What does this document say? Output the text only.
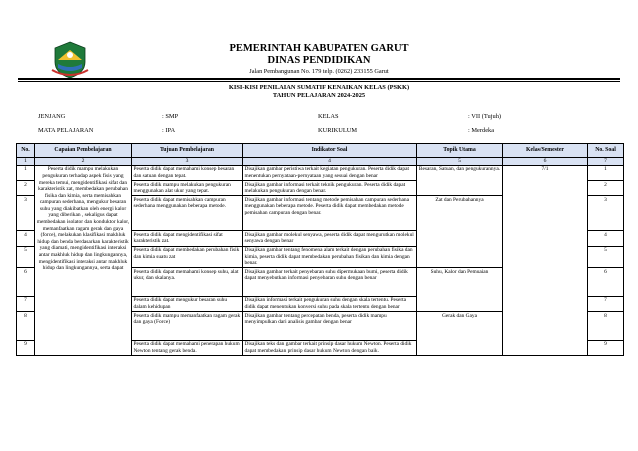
PEMERINTAH KABUPATEN GARUT
DINAS PENDIDIKAN
Jalan Pembangunan No. 179 telp. (0262) 233155 Garut
KISI-KISI PENILAIAN SUMATIF KENAIKAN KELAS (PSKK)
TAHUN PELAJARAN 2024-2025
JENJANG	: SMP
MATA PELAJARAN	: IPA
KELAS	: VII (Tujuh)
KURIKULUM	: Merdeka
No.	Capaian Pembelajaran	Tujuan Pembelajaran	Indikator Soal	Topik Utama	Kelas/Semester	No. Soal
1	2	3	4	5	6	7
1	Peserta didik mampu melakukan pengukuran terhadap aspek fisis yang mereka temui, mengidentifikasi sifat dan karakteristik zat, membedakan perubahan fisika dan kimia, serta memisahkan campuran sederhana, mengukur besaran suhu yang diakibatkan oleh energi kalor yang diberikan , sekaligus dapat membedakan isolator dan konduktor kalor, memanfaatkan ragam gerak dan gaya (force), melakukan klasifikasi makhluk hidup dan benda berdasarkan karakteristik yang diamati, mengidentifikasi interaksi antar makhluk hidup dan lingkungannya, mengidentifikasi interaksi antar makhluk hidup dan lingkungannya, serta dapat	Peserta didik dapat memahami konsep besaran dan satuan dengan tepat.	Disajikan gambar peristiwa terkait kegiatan pengukuran. Peserta didik dapat menentukan pernyataan-pernyataan yang sesuai dengan benar	Besaran, Satuan, dan pengukurannya.	7/1	1
2		Peserta didik mampu melakukan pengukuran menggunakan alat ukur yang tepat.	Disajikan gambar informasi terkait teknik pengukuran. Peserta didik dapat melakukan pengukuran dengan benar.			2
3		Peserta didik dapat memisahkan campuran sederhana menggunakan beberapa metode.	Disajikan gambar informasi tentang metode pemisahan campuran sederhana menggunakan beberapa metode. Peserta didik dapat membedakan metode pemisahan campuran dengan benar.	Zat dan Perubahannya		3
4		Peserta didik dapat mengidentifikasi sifat karakteristik zat.	Disajikan gambar molekul senyawa, peserta didik dapat mengurutkan molekul senyawa dengan benar			4
5		Peserta didik dapat membedakan perubahan fisik dan kimia suatu zat	Disajikan gambar tentang fenomena alam terkait dengan perubahan fisika dan kimia, peserta didik dapat membedakan perubahan fisikan dan kimia dengan benar.			5
6		Peserta didik dapat memahami konsep suhu, alat ukur, dan skalanya.	Disajikan gambar terkait penyebaran suhu dipermukaan bumi, peserta didik dapat menyebutkan informasi penyebaran suhu dengan benar	Suhu, Kalor dan Pemuaian		6
7		Peserta didik dapat mengukur besaran suhu dalam kehidupan	Disajikan informasi terkait pengukuran suhu dengan skala tertentu. Peserta didik dapat menentukan konversi suhu pada skala tertentu dengan benar			7
8		Peserta didik mampu memanfaatkan ragam gerak dan gaya (Force)	Disajikan gambar tentang percepatan benda, peserta didik mampu menyimpulkan dari analisis gambar dengan benar	Gerak dan Gaya		8
9		Peserta didik dapat memahami penerapan hukum Newton tentang gerak benda.	Disajikan teks dan gambar terkait prinsip dasar hukum Newton. Peserta didik dapat membedakan prinsip dasar hukum Newton dengan baik.			9
